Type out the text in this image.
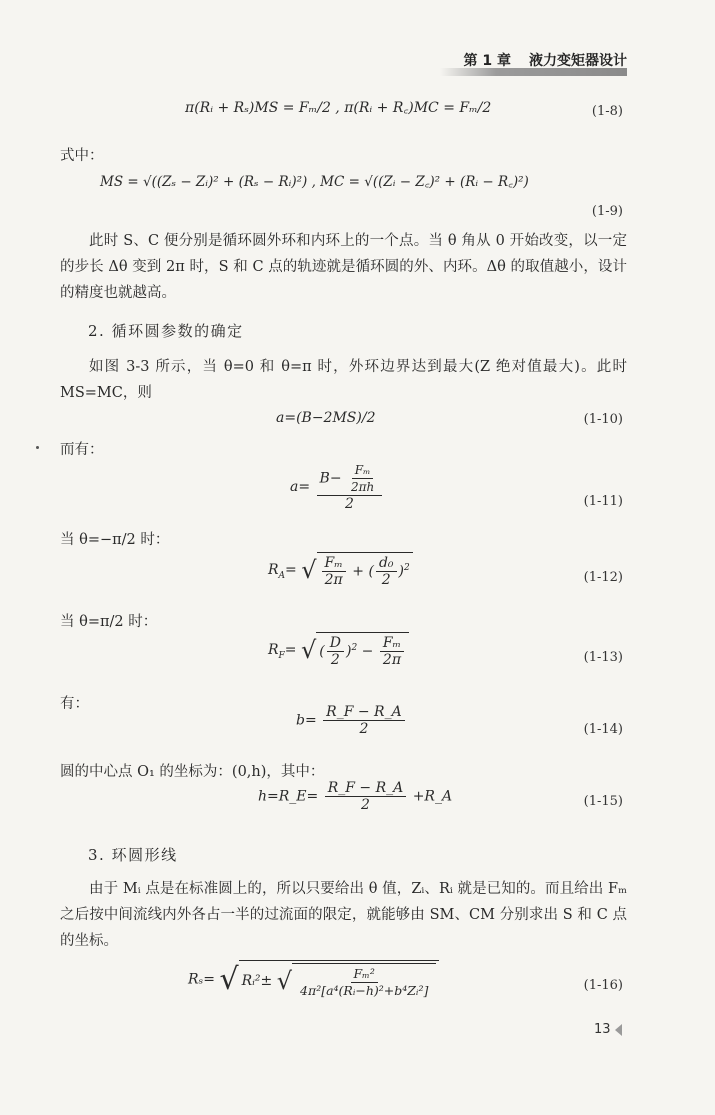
第 1 章 液力变矩器设计
π(Rᵢ + Rₛ)MS = Fₘ/2 , π(Rᵢ + R꜀)MC = Fₘ/2	(1-8)
式中：
MS = √((Zₛ − Zᵢ)² + (Rₛ − Rᵢ)²) , MC = √((Zᵢ − Z꜀)² + (Rᵢ − R꜀)²)
(1-9)
此时 S、C 便分别是循环圆外环和内环上的一个点。当 θ 角从 0 开始改变，以一定的步长 Δθ 变到 2π 时，S 和 C 点的轨迹就是循环圆的外、内环。Δθ 的取值越小，设计的精度也就越高。
2. 循环圆参数的确定
如图 3-3 所示，当 θ=0 和 θ=π 时，外环边界达到最大(Z 绝对值最大)。此时 MS=MC，则
a=(B−2MS)/2	(1-10)
而有：
$a= \frac{B- \frac{\text{Fₘ}}{2\pi h}}{2}$	(1-11)
当 θ=−π/2 时：
$R_A=$ √ $\frac{\text{Fₘ}}{2\pi}$ + ( $\frac{\text{d₀}}{2} )^2$
(1-12)
当 θ=π/2 时：
$R_F=$ √ ( $\frac{D}{2} )^2 - \frac{\text{Fₘ}}{2\pi}$	(1-13)
有：
$b= \frac{R\_F - R\_A}{2}$	(1-14)
圆的中心点 O₁ 的坐标为：(0,h)，其中：
h=R_E= $\frac{R\_F - R\_A}{2}$ +R_A	(1-15)
3. 环圆形线
由于 Mᵢ 点是在标准圆上的，所以只要给出 θ 值，Zᵢ、Rᵢ 就是已知的。而且给出 Fₘ 之后按中间流线内外各占一半的过流面的限定，就能够由 SM、CM 分别求出 S 和 C 点的坐标。
Rₛ= √ Rᵢ²± √ $\frac{\text{Fₘ²}}{\text{4π²[a⁴(Rᵢ−h)²+b⁴Zᵢ²]}}$	(1-16)
13
